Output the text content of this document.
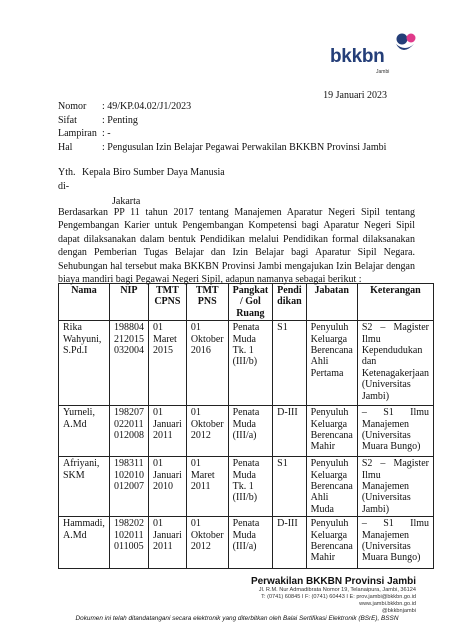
bkkbn
Jambi
19 Januari 2023
Nomor	: 49/KP.04.02/J1/2023
Sifat	: Penting
Lampiran : -
Hal	: Pengusulan Izin Belajar Pegawai Perwakilan BKKBN Provinsi Jambi
Yth. Kepala Biro Sumber Daya Manusia
di-
Jakarta
Berdasarkan PP 11 tahun 2017 tentang Manajemen Aparatur Negeri Sipil tentang Pengembangan Karier untuk Pengembangan Kompetensi bagi Aparatur Negeri Sipil dapat dilaksanakan dalam bentuk Pendidikan melalui Pendidikan formal dilaksanakan dengan Pemberian Tugas Belajar dan Izin Belajar bagi Aparatur Sipil Negara. Sehubungan hal tersebut maka BKKBN Provinsi Jambi mengajukan Izin Belajar dengan biaya mandiri bagi Pegawai Negeri Sipil, adapun namanya sebagai berikut :
Nama	NIP	TMT CPNS	TMT PNS	Pangkat / Gol Ruang	Pendi dikan	Jabatan	Keterangan
Rika Wahyuni, S.Pd.I	198804 212015 032004	01 Maret 2015	01 Oktober 2016	Penata Muda Tk. 1 (III/b)	S1	Penyuluh Keluarga Berencana Ahli Pertama	S2 – Magister Ilmu Kependudukan dan Ketenagakerjaan (Universitas Jambi)
Yurneli, A.Md	198207 022011 012008	01 Januari 2011	01 Oktober 2012	Penata Muda (III/a)	D-III	Penyuluh Keluarga Berencana Mahir	– S1 Ilmu Manajemen (Universitas Muara Bungo)
Afriyani, SKM	198311 102010 012007	01 Januari 2010	01 Maret 2011	Penata Muda Tk. 1 (III/b)	S1	Penyuluh Keluarga Berencana Ahli Muda	S2 – Magister Ilmu Manajemen (Universitas Jambi)
Hammadi, A.Md	198202 102011 011005	01 Januari 2011	01 Oktober 2012	Penata Muda (III/a)	D-III	Penyuluh Keluarga Berencana Mahir	– S1 Ilmu Manajemen (Universitas Muara Bungo)
Perwakilan BKKBN Provinsi Jambi
Jl. R.M. Nur Admadibrata Nomor 19, Telanaipura, Jambi, 36124
T: (0741) 60845 I F: (0741) 60443 I E: prov.jambi@bkkbn.go.id
www.jambi.bkkbn.go.id
@bkkbnjambi
Dokumen ini telah ditandatangani secara elektronik yang diterbitkan oleh Balai Sertifikasi Elektronik (BSrE), BSSN
